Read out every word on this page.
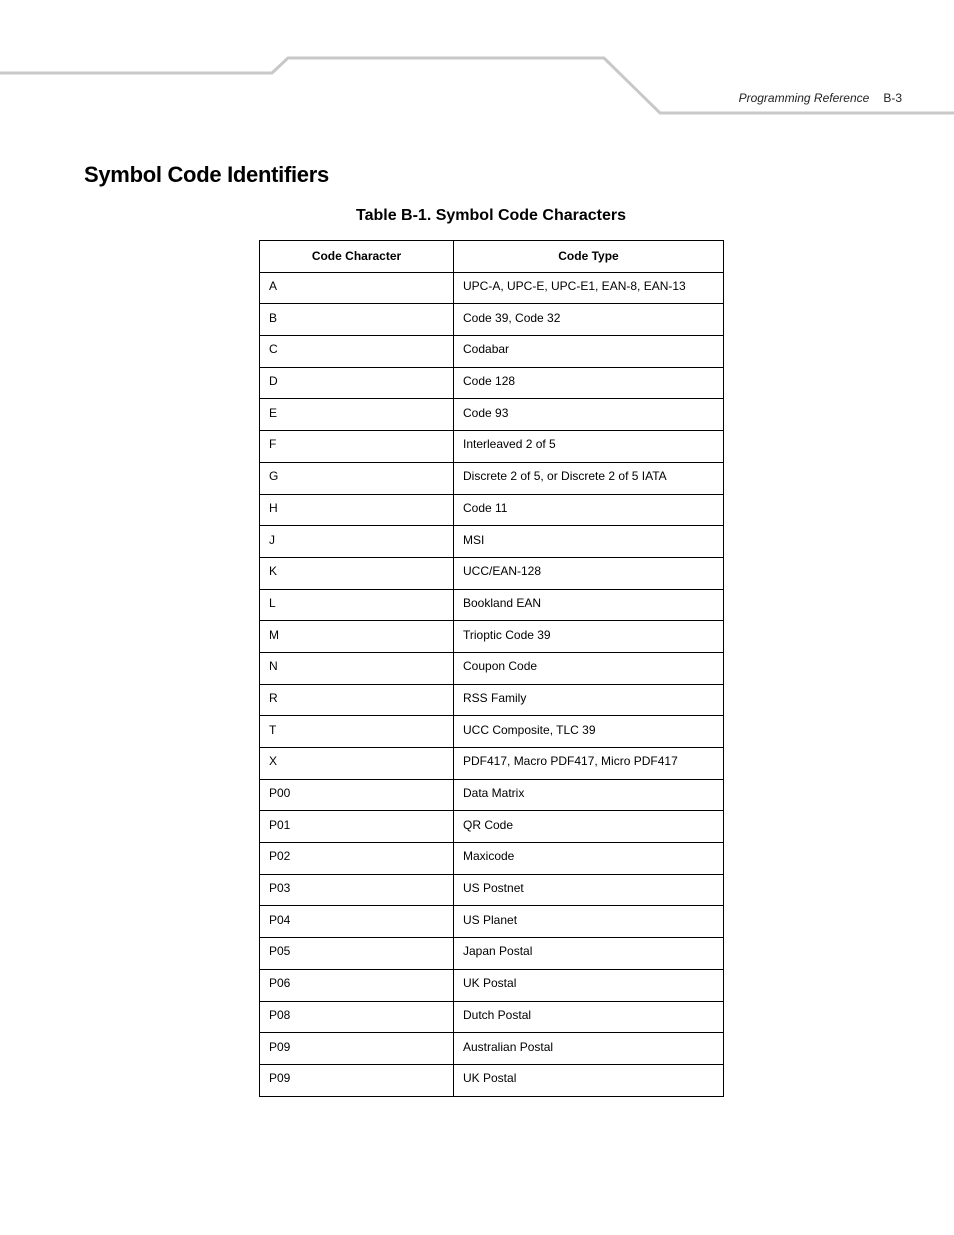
Programming Reference B-3
Symbol Code Identifiers
Table B-1. Symbol Code Characters
Code Character	Code Type
A	UPC-A, UPC-E, UPC-E1, EAN-8, EAN-13
B	Code 39, Code 32
C	Codabar
D	Code 128
E	Code 93
F	Interleaved 2 of 5
G	Discrete 2 of 5, or Discrete 2 of 5 IATA
H	Code 11
J	MSI
K	UCC/EAN-128
L	Bookland EAN
M	Trioptic Code 39
N	Coupon Code
R	RSS Family
T	UCC Composite, TLC 39
X	PDF417, Macro PDF417, Micro PDF417
P00	Data Matrix
P01	QR Code
P02	Maxicode
P03	US Postnet
P04	US Planet
P05	Japan Postal
P06	UK Postal
P08	Dutch Postal
P09	Australian Postal
P09	UK Postal
